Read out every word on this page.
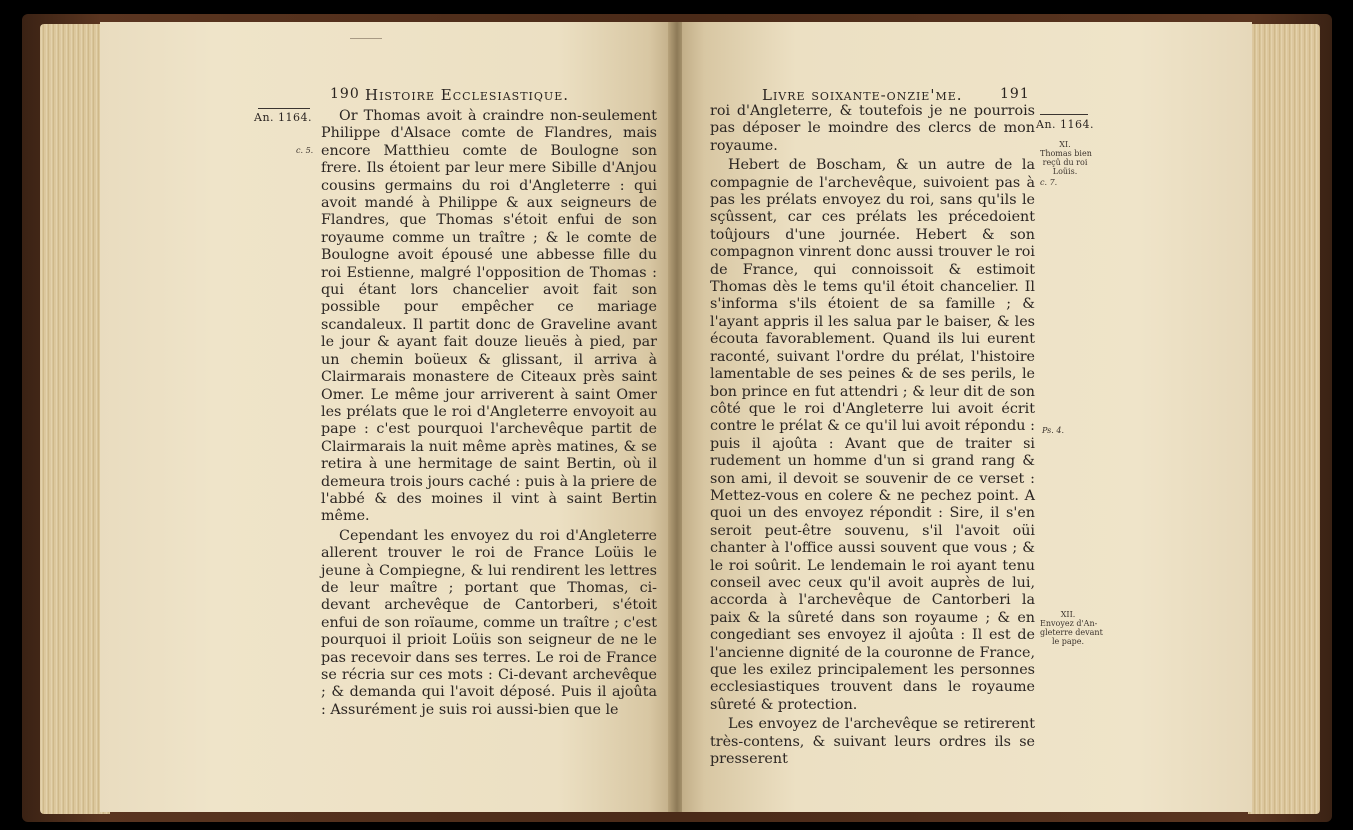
190 Histoire Ecclesiastique.
An. 1164.
c. 5.

Or Thomas avoit à craindre non-seulement Philippe d'Alsace comte de Flandres, mais encore Matthieu comte de Boulogne son frere. Ils étoient par leur mere Sibille d'Anjou cousins germains du roi d'Angleterre : qui avoit mandé à Philippe & aux seigneurs de Flandres, que Thomas s'étoit enfui de son royaume comme un traître ; & le comte de Boulogne avoit épousé une abbesse fille du roi Estienne, malgré l'opposition de Thomas : qui étant lors chancelier avoit fait son possible pour empêcher ce mariage scandaleux. Il partit donc de Graveline avant le jour & ayant fait douze lieuës à pied, par un chemin boüeux & glissant, il arriva à Clairmarais monastere de Citeaux près saint Omer. Le même jour arriverent à saint Omer les prélats que le roi d'Angleterre envoyoit au pape : c'est pourquoi l'archevêque partit de Clairmarais la nuit même après matines, & se retira à une hermitage de saint Bertin, où il demeura trois jours caché : puis à la priere de l'abbé & des moines il vint à saint Bertin même.

Cependant les envoyez du roi d'Angleterre allerent trouver le roi de France Loüis le jeune à Compiegne, & lui rendirent les lettres de leur maître ; portant que Thomas, ci-devant archevêque de Cantorberi, s'étoit enfui de son roïaume, comme un traître ; c'est pourquoi il prioit Loüis son seigneur de ne le pas recevoir dans ses terres. Le roi de France se récria sur ces mots : Ci-devant archevêque ; & demanda qui l'avoit déposé. Puis il ajoûta : Assurément je suis roi aussi-bien que le

Livre soixante-onzie'me.	191

roi d'Angleterre, & toutefois je ne pourrois pas déposer le moindre des clercs de mon royaume.

Hebert de Boscham, & un autre de la compagnie de l'archevêque, suivoient pas à pas les prélats envoyez du roi, sans qu'ils le sçûssent, car ces prélats les précedoient toûjours d'une journée. Hebert & son compagnon vinrent donc aussi trouver le roi de France, qui connoissoit & estimoit Thomas dès le tems qu'il étoit chancelier. Il s'informa s'ils étoient de sa famille ; & l'ayant appris il les salua par le baiser, & les écouta favorablement. Quand ils lui eurent raconté, suivant l'ordre du prélat, l'histoire lamentable de ses peines & de ses perils, le bon prince en fut attendri ; & leur dit de son côté que le roi d'Angleterre lui avoit écrit contre le prélat & ce qu'il lui avoit répondu : puis il ajoûta : Avant que de traiter si rudement un homme d'un si grand rang & son ami, il devoit se souvenir de ce verset : Mettez-vous en colere & ne pechez point. A quoi un des envoyez répondit : Sire, il s'en seroit peut-être souvenu, s'il l'avoit oüi chanter à l'office aussi souvent que vous ; & le roi soûrit. Le lendemain le roi ayant tenu conseil avec ceux qu'il avoit auprès de lui, accorda à l'archevêque de Cantorberi la paix & la sûreté dans son royaume ; & en congediant ses envoyez il ajoûta : Il est de l'ancienne dignité de la couronne de France, que les exilez principalement les personnes ecclesiastiques trouvent dans le royaume sûreté & protection.

Les envoyez de l'archevêque se retirerent très-contens, & suivant leurs ordres ils se presserent

An. 1164.
XI.
Thomas bien
reçû du roi
Loüis.
c. 7.
Ps. 4.
XII.
Envoyez d'An-
gleterre devant
le pape.
